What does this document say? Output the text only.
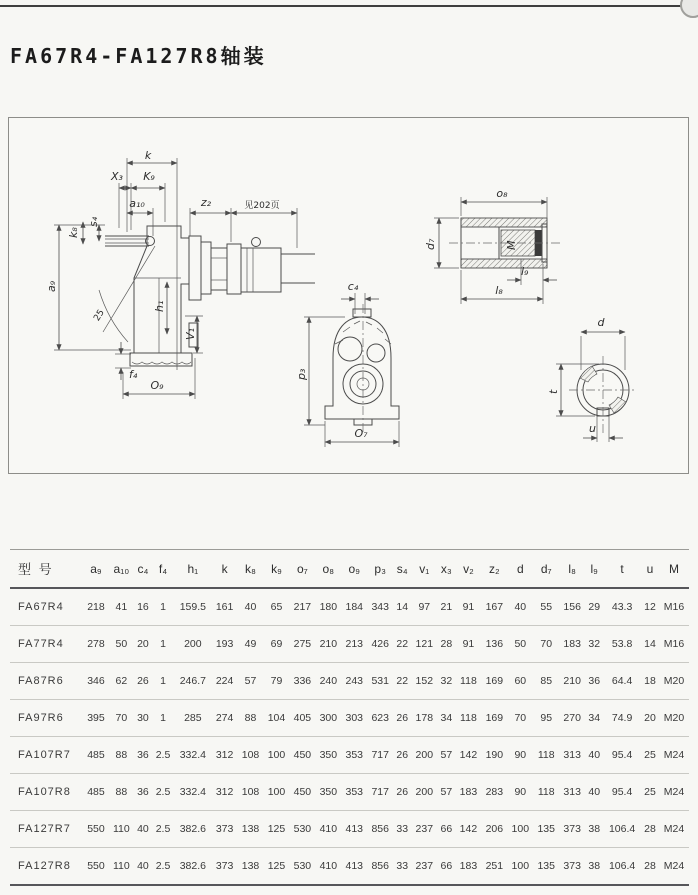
FA67R4-FA127R8轴装
25
k
X₃ K₉
a₁₀	z₂	见202页
k₈
s₄
a₉
h₁
V₁
f₄
O₉
c₄
p₃
O₇
M
o₈
d₇
l₉
l₈
d
t
u
型 号	a₉	a₁₀	c₄	f₄	h₁	k	k₈	k₉	o₇	o₈	o₉	p₃	s₄	v₁	x₃	v₂	z₂	d	d₇	l₈	l₉	t	u	M
FA67R4	218	41	16	1	159.5	161	40	65	217	180	184	343	14	97	21	91	167	40	55	156	29	43.3	12	M16
FA77R4	278	50	20	1	200	193	49	69	275	210	213	426	22	121	28	91	136	50	70	183	32	53.8	14	M16
FA87R6	346	62	26	1	246.7	224	57	79	336	240	243	531	22	152	32	118	169	60	85	210	36	64.4	18	M20
FA97R6	395	70	30	1	285	274	88	104	405	300	303	623	26	178	34	118	169	70	95	270	34	74.9	20	M20
FA107R7	485	88	36	2.5	332.4	312	108	100	450	350	353	717	26	200	57	142	190	90	118	313	40	95.4	25	M24
FA107R8	485	88	36	2.5	332.4	312	108	100	450	350	353	717	26	200	57	183	283	90	118	313	40	95.4	25	M24
FA127R7	550	110	40	2.5	382.6	373	138	125	530	410	413	856	33	237	66	142	206	100	135	373	38	106.4	28	M24
FA127R8	550	110	40	2.5	382.6	373	138	125	530	410	413	856	33	237	66	183	251	100	135	373	38	106.4	28	M24
